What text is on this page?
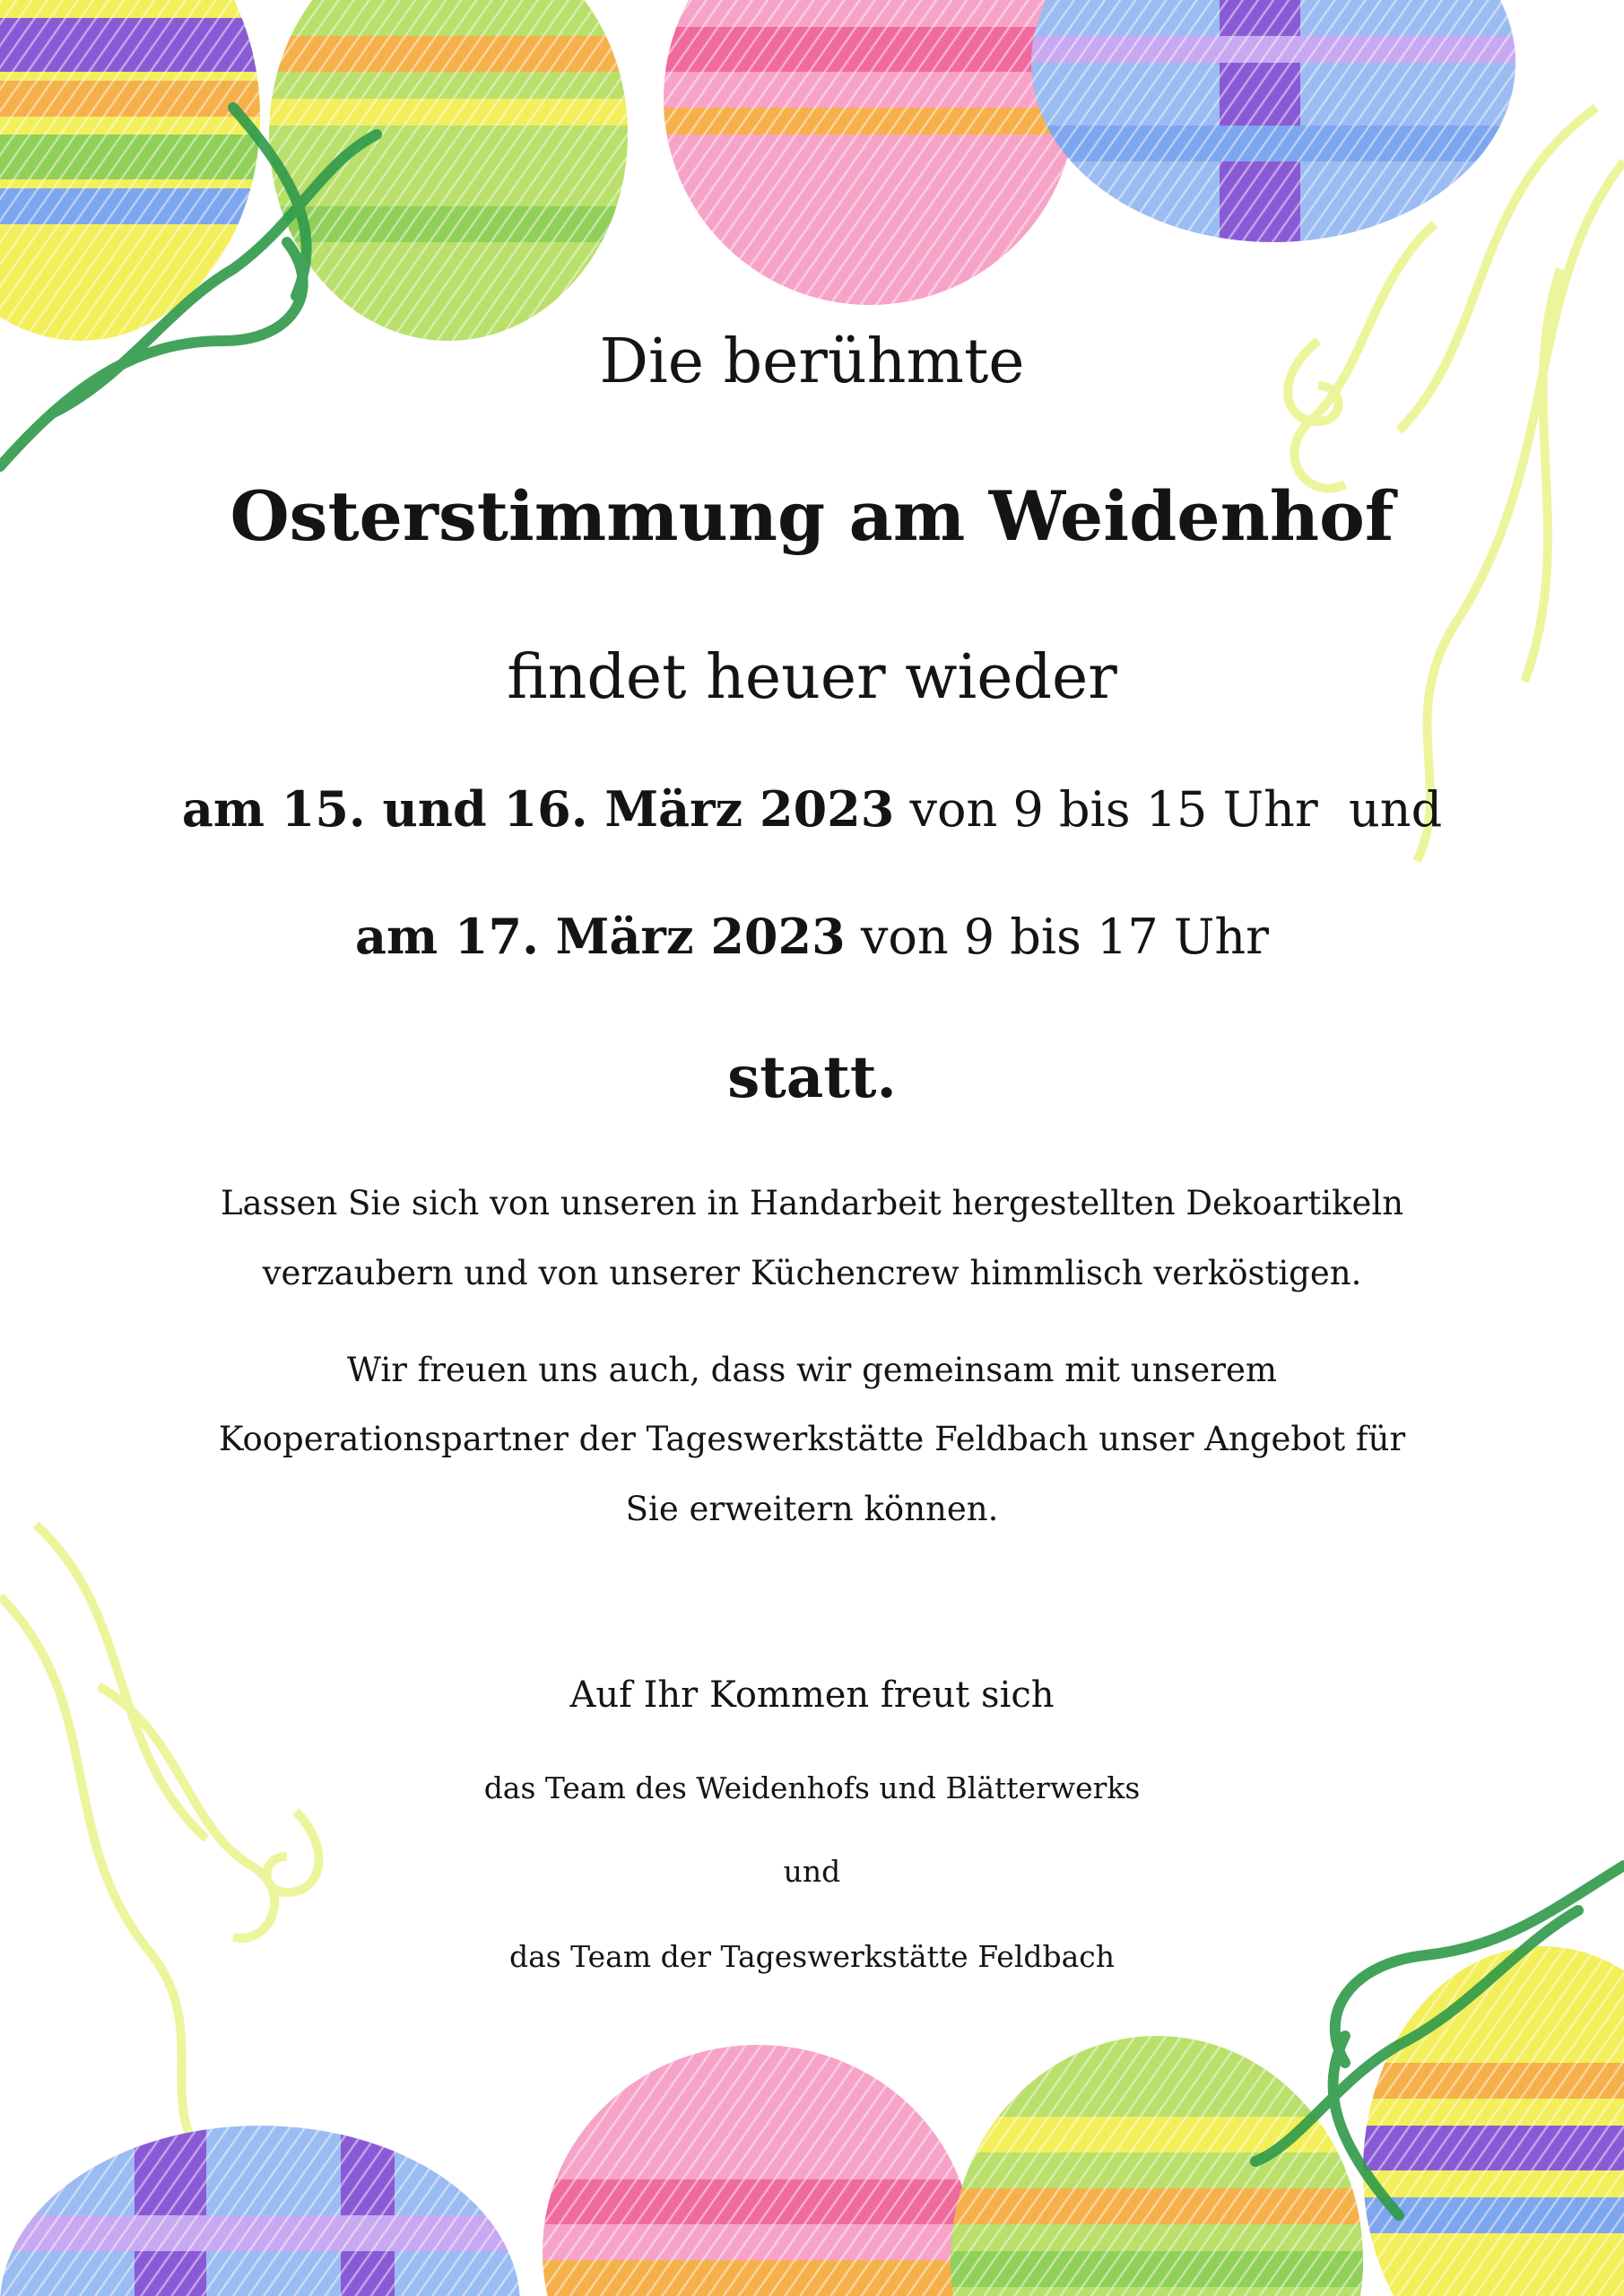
Die berühmte

Osterstimmung am Weidenhof

findet heuer wieder

am 15. und 16. März 2023 von 9 bis 15 Uhr und

am 17. März 2023 von 9 bis 17 Uhr

statt.

Lassen Sie sich von unseren in Handarbeit hergestellten Dekoartikeln

verzaubern und von unserer Küchencrew himmlisch verköstigen.

Wir freuen uns auch, dass wir gemeinsam mit unserem

Kooperationspartner der Tageswerkstätte Feldbach unser Angebot für

Sie erweitern können.

Auf Ihr Kommen freut sich

das Team des Weidenhofs und Blätterwerks

und

das Team der Tageswerkstätte Feldbach
